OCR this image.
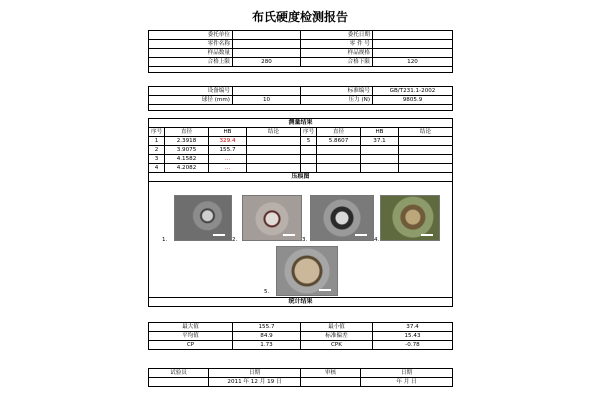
布氏硬度检测报告
委托单位		委托日期	
零件名称		零 件 号	
样品数量		样品规格	
合格上限	280	合格下限	120

设备编号		标准编号	GB/T231.1-2002
球径 (mm)	10	压力 (N)	9805.9

测量结果							
序号	直径	HB	结论	序号	直径	HB	结论
1	2.3918	329.4		5	5.8607	37.1	
2	3.9075	155.7					
3	4.1582	...					
4	4.2082	...					
压痕图							

统计结果							
1.	2.	3.	4.
5.
最大值	155.7	最小值	37.4
平均值	84.9	标准偏差	15.43
CP	1.73	CPK	-0.78
试验员	日期	审核	日期
	2011 年 12 月 19 日		年 月 日
